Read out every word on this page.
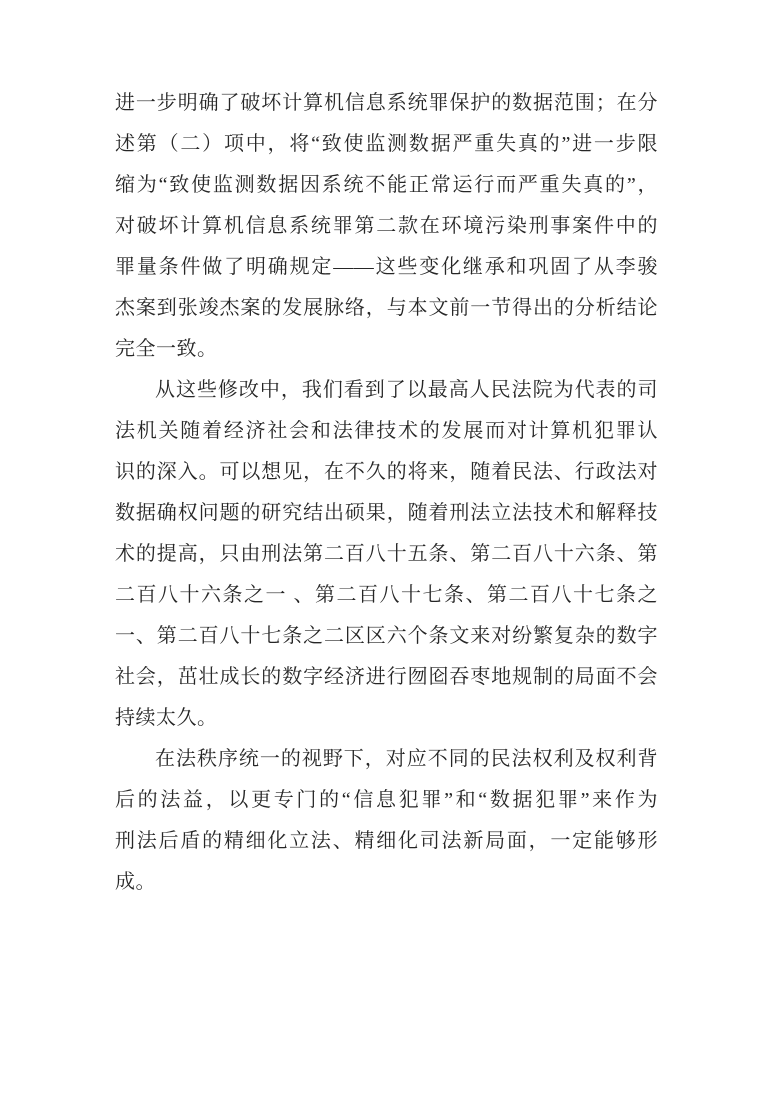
进一步明确了破坏计算机信息系统罪保护的数据范围；在分
述第（二）项中，将“致使监测数据严重失真的”进一步限
缩为“致使监测数据因系统不能正常运行而严重失真的”，
对破坏计算机信息系统罪第二款在环境污染刑事案件中的
罪量条件做了明确规定——这些变化继承和巩固了从李骏
杰案到张竣杰案的发展脉络，与本文前一节得出的分析结论
完全一致。
从这些修改中，我们看到了以最高人民法院为代表的司
法机关随着经济社会和法律技术的发展而对计算机犯罪认
识的深入。可以想见，在不久的将来，随着民法、行政法对
数据确权问题的研究结出硕果，随着刑法立法技术和解释技
术的提高，只由刑法第二百八十五条、第二百八十六条、第
二百八十六条之一 、第二百八十七条、第二百八十七条之
一、第二百八十七条之二区区六个条文来对纷繁复杂的数字
社会，茁壮成长的数字经济进行囫囵吞枣地规制的局面不会
持续太久。
在法秩序统一的视野下，对应不同的民法权利及权利背
后的法益，以更专门的“信息犯罪”和“数据犯罪”来作为
刑法后盾的精细化立法、精细化司法新局面，一定能够形成。
